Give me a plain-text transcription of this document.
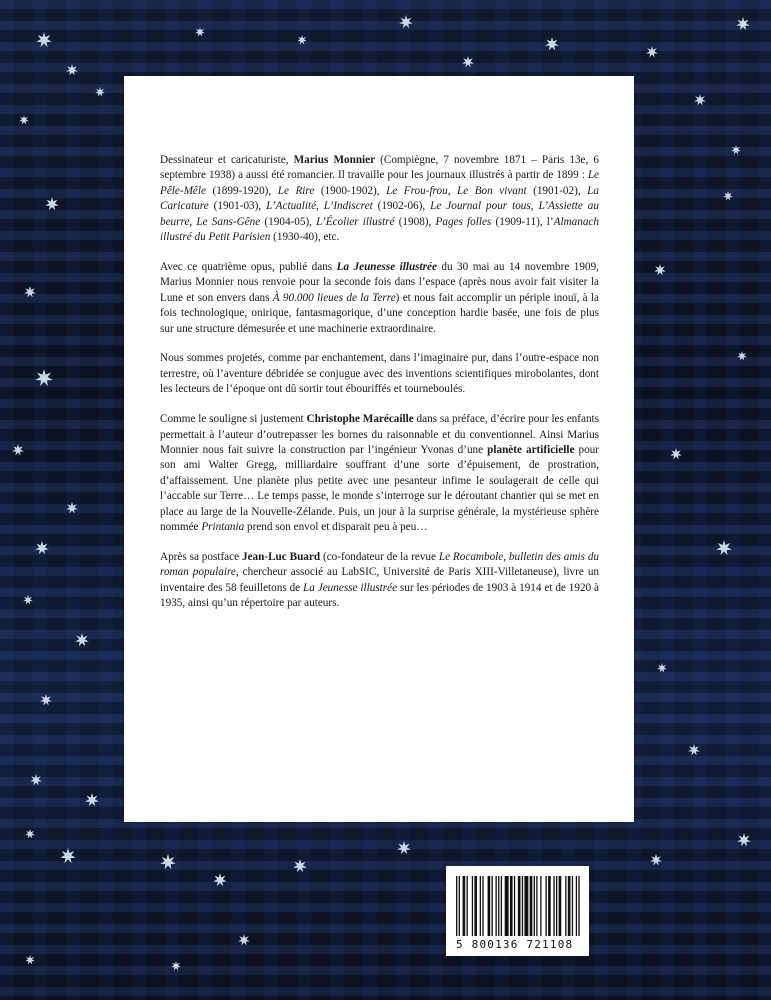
Dessinateur et caricaturiste, Marius Monnier (Compiègne, 7 novembre 1871 – Paris 13e, 6 septembre 1938) a aussi été romancier. Il travaille pour les journaux illustrés à partir de 1899 : Le Pêle-Mêle (1899-1920), Le Rire (1900-1902), Le Frou-frou, Le Bon vivant (1901-02), La Caricature (1901-03), L’Actualité, L’Indiscret (1902-06), Le Journal pour tous, L’Assiette au beurre, Le Sans-Gêne (1904-05), L’Écolier illustré (1908), Pages folles (1909-11), l’Almanach illustré du Petit Parisien (1930-40), etc.

Avec ce quatrième opus, publié dans La Jeunesse illustrée du 30 mai au 14 novembre 1909, Marius Monnier nous renvoie pour la seconde fois dans l’espace (après nous avoir fait visiter la Lune et son envers dans À 90.000 lieues de la Terre) et nous fait accomplir un périple inouï, à la fois technologique, onirique, fantasmagorique, d’une conception hardie basée, une fois de plus sur une structure démesurée et une machinerie extraordinaire.

Nous sommes projetés, comme par enchantement, dans l’imaginaire pur, dans l’outre-espace non terrestre, où l’aventure débridée se conjugue avec des inventions scientifiques mirobolantes, dont les lecteurs de l’époque ont dû sortir tout ébouriffés et tourneboulés.

Comme le souligne si justement Christophe Marécaille dans sa préface, d’écrire pour les enfants permettait à l’auteur d’outrepasser les bornes du raisonnable et du conventionnel. Ainsi Marius Monnier nous fait suivre la construction par l’ingénieur Yvonas d’une planète artificielle pour son ami Walter Gregg, milliardaire souffrant d’une sorte d’épuisement, de prostration, d’affaissement. Une planète plus petite avec une pesanteur infime le soulagerait de celle qui l’accable sur Terre… Le temps passe, le monde s’interroge sur le déroutant chantier qui se met en place au large de la Nouvelle-Zélande. Puis, un jour à la surprise générale, la mystérieuse sphère nommée Printania prend son envol et disparait peu à peu…

Après sa postface Jean-Luc Buard (co-fondateur de la revue Le Rocambole, bulletin des amis du roman populaire, chercheur associé au LabSIC, Université de Paris XIII-Villetaneuse), livre un inventaire des 58 feuilletons de La Jeunesse illustrée sur les périodes de 1903 à 1914 et de 1920 à 1935, ainsi qu’un répertoire par auteurs.

5 800136 721108
